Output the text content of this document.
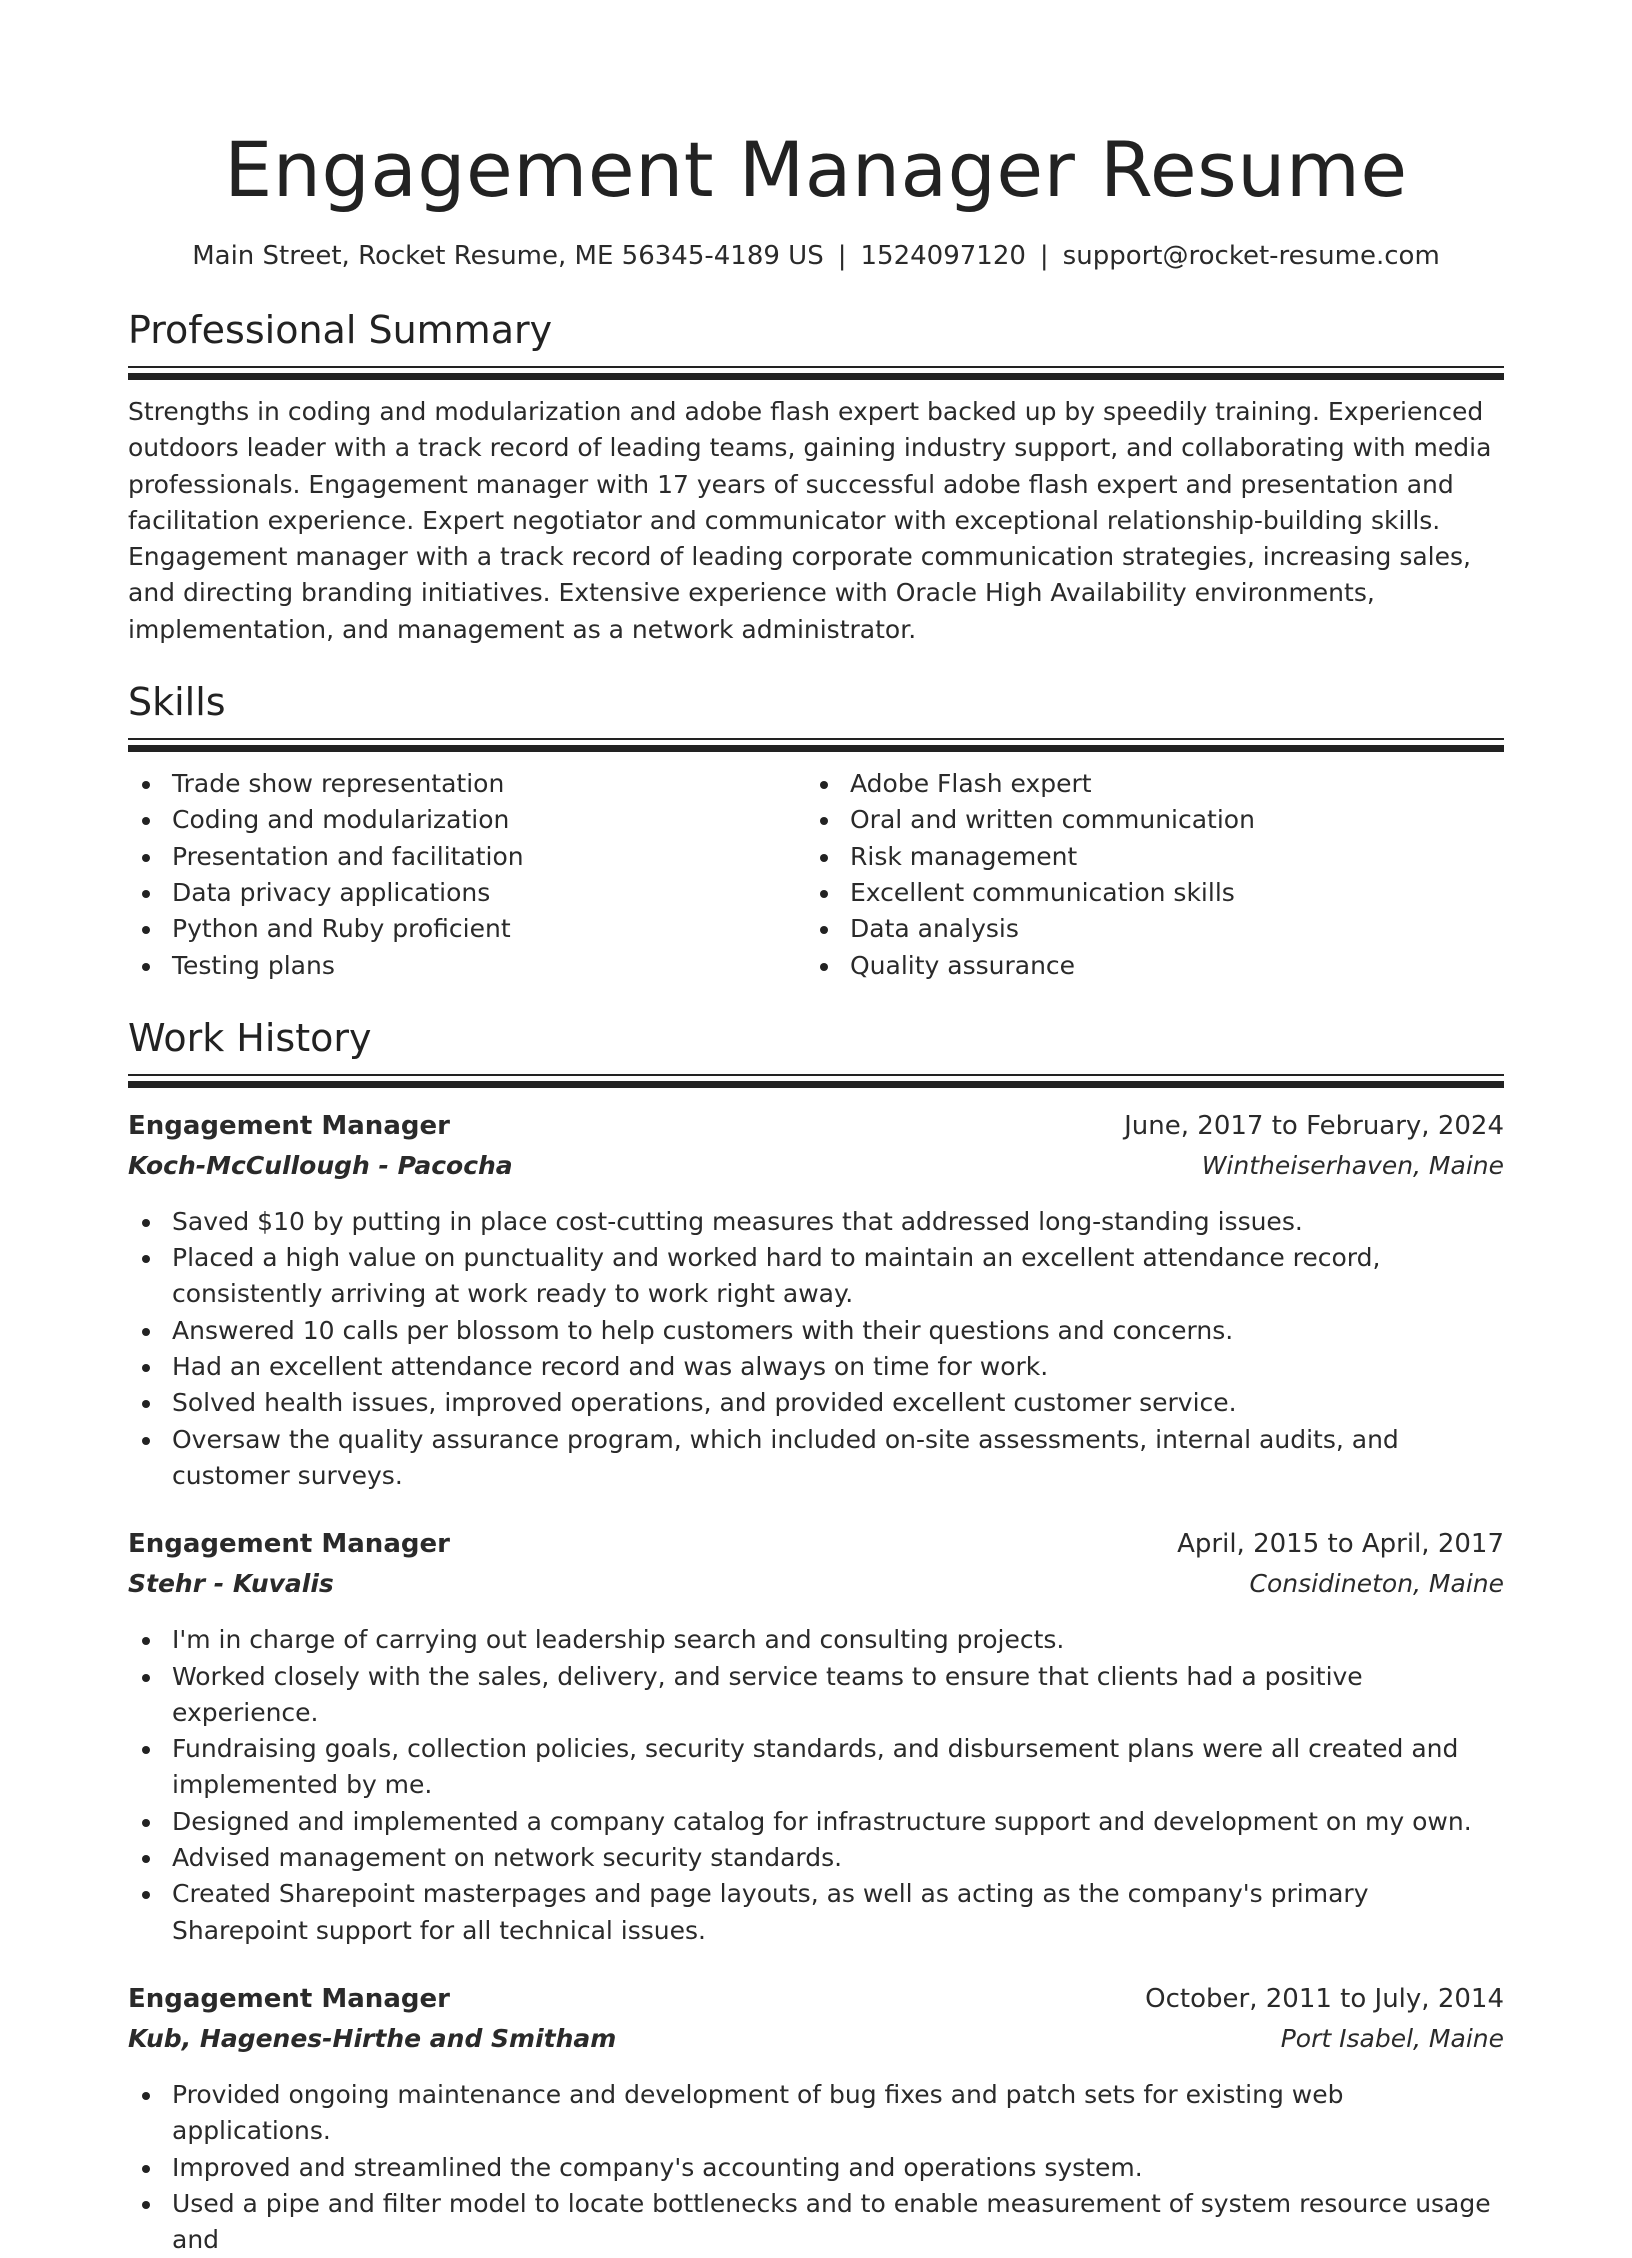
Engagement Manager Resume
Main Street, Rocket Resume, ME 56345-4189 US | 1524097120 | support@rocket-resume.com
Professional Summary
Strengths in coding and modularization and adobe flash expert backed up by speedily training. Experienced outdoors leader with a track record of leading teams, gaining industry support, and collaborating with media professionals. Engagement manager with 17 years of successful adobe flash expert and presentation and facilitation experience. Expert negotiator and communicator with exceptional relationship-building skills. Engagement manager with a track record of leading corporate communication strategies, increasing sales, and directing branding initiatives. Extensive experience with Oracle High Availability environments, implementation, and management as a network administrator.
Skills
Trade show representation
Coding and modularization
Presentation and facilitation
Data privacy applications
Python and Ruby proficient
Testing plans
Adobe Flash expert
Oral and written communication
Risk management
Excellent communication skills
Data analysis
Quality assurance
Work History
Engagement Manager	June, 2017 to February, 2024
Koch-McCullough - Pacocha	Wintheiserhaven, Maine
Saved $10 by putting in place cost-cutting measures that addressed long-standing issues.
Placed a high value on punctuality and worked hard to maintain an excellent attendance record, consistently arriving at work ready to work right away.
Answered 10 calls per blossom to help customers with their questions and concerns.
Had an excellent attendance record and was always on time for work.
Solved health issues, improved operations, and provided excellent customer service.
Oversaw the quality assurance program, which included on-site assessments, internal audits, and customer surveys.
Engagement Manager	April, 2015 to April, 2017
Stehr - Kuvalis	Considineton, Maine
I'm in charge of carrying out leadership search and consulting projects.
Worked closely with the sales, delivery, and service teams to ensure that clients had a positive experience.
Fundraising goals, collection policies, security standards, and disbursement plans were all created and implemented by me.
Designed and implemented a company catalog for infrastructure support and development on my own.
Advised management on network security standards.
Created Sharepoint masterpages and page layouts, as well as acting as the company's primary Sharepoint support for all technical issues.
Engagement Manager	October, 2011 to July, 2014
Kub, Hagenes-Hirthe and Smitham	Port Isabel, Maine
Provided ongoing maintenance and development of bug fixes and patch sets for existing web applications.
Improved and streamlined the company's accounting and operations system.
Used a pipe and filter model to locate bottlenecks and to enable measurement of system resource usage and
